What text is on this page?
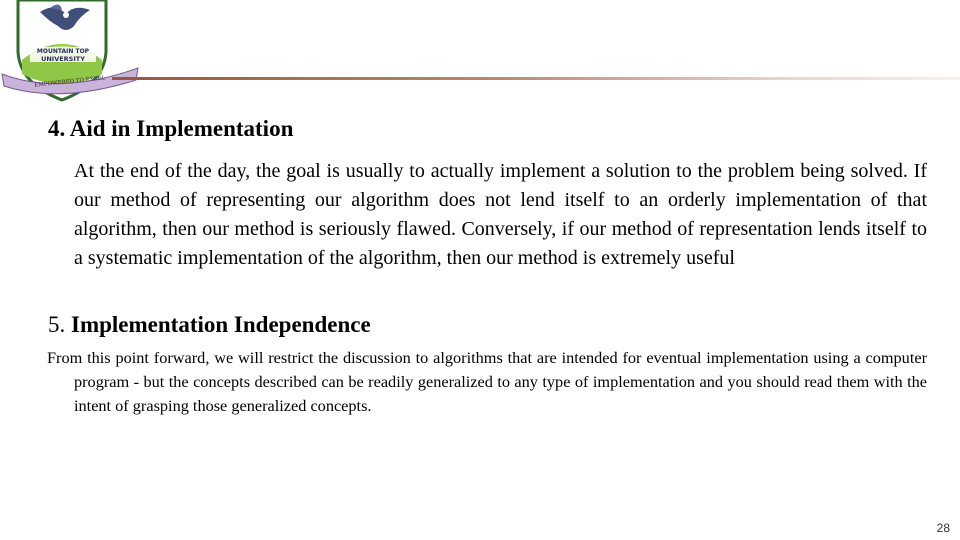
MOUNTAIN TOP
UNIVERSITY
EMPOWERED TO EXCEL
4. Aid in Implementation

At the end of the day, the goal is usually to actually implement a solution to the problem being solved. If our method of representing our algorithm does not lend itself to an orderly implementation of that algorithm, then our method is seriously flawed. Conversely, if our method of representation lends itself to a systematic implementation of the algorithm, then our method is extremely useful

5. Implementation Independence

From this point forward, we will restrict the discussion to algorithms that are intended for eventual implementation using a computer program - but the concepts described can be readily generalized to any type of implementation and you should read them with the intent of grasping those generalized concepts.

28
